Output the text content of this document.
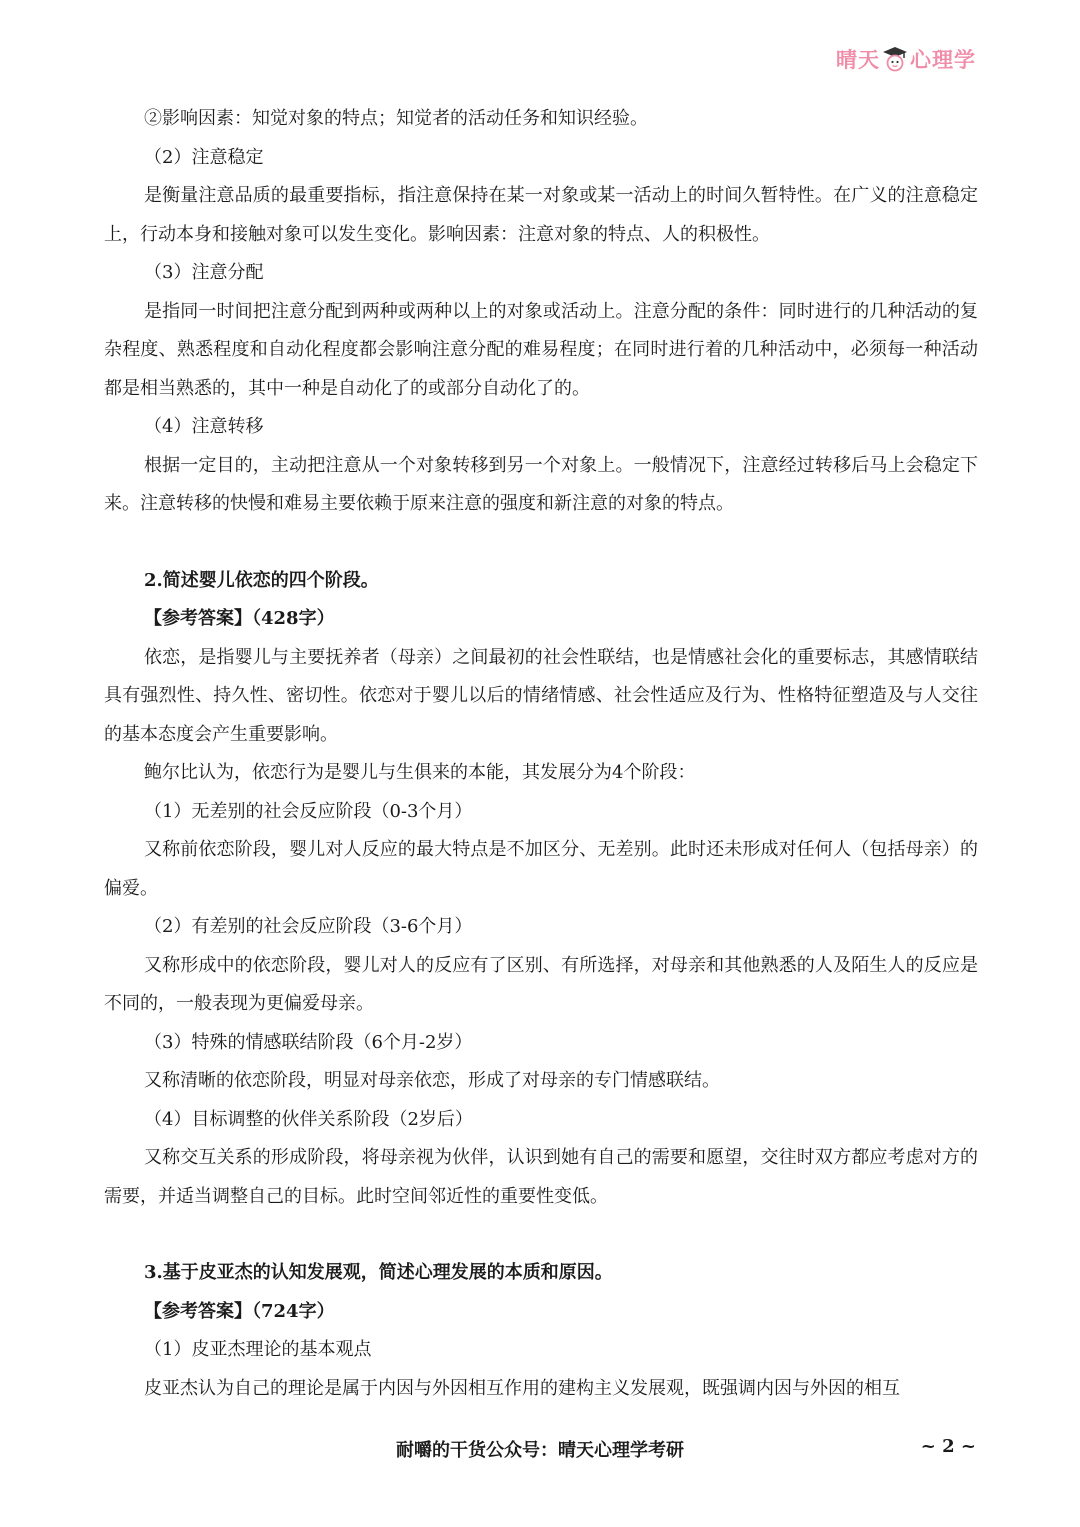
晴天 心理学

②影响因素：知觉对象的特点；知觉者的活动任务和知识经验。

（2）注意稳定

是衡量注意品质的最重要指标，指注意保持在某一对象或某一活动上的时间久暂特性。在广义的注意稳定上，行动本身和接触对象可以发生变化。影响因素：注意对象的特点、人的积极性。

（3）注意分配

是指同一时间把注意分配到两种或两种以上的对象或活动上。注意分配的条件：同时进行的几种活动的复杂程度、熟悉程度和自动化程度都会影响注意分配的难易程度；在同时进行着的几种活动中，必须每一种活动都是相当熟悉的，其中一种是自动化了的或部分自动化了的。

（4）注意转移

根据一定目的，主动把注意从一个对象转移到另一个对象上。一般情况下，注意经过转移后马上会稳定下来。注意转移的快慢和难易主要依赖于原来注意的强度和新注意的对象的特点。

2.简述婴儿依恋的四个阶段。

【参考答案】（428字）

依恋，是指婴儿与主要抚养者（母亲）之间最初的社会性联结，也是情感社会化的重要标志，其感情联结具有强烈性、持久性、密切性。依恋对于婴儿以后的情绪情感、社会性适应及行为、性格特征塑造及与人交往的基本态度会产生重要影响。

鲍尔比认为，依恋行为是婴儿与生俱来的本能，其发展分为4个阶段：

（1）无差别的社会反应阶段（0-3个月）

又称前依恋阶段，婴儿对人反应的最大特点是不加区分、无差别。此时还未形成对任何人（包括母亲）的偏爱。

（2）有差别的社会反应阶段（3-6个月）

又称形成中的依恋阶段，婴儿对人的反应有了区别、有所选择，对母亲和其他熟悉的人及陌生人的反应是不同的，一般表现为更偏爱母亲。

（3）特殊的情感联结阶段（6个月-2岁）

又称清晰的依恋阶段，明显对母亲依恋，形成了对母亲的专门情感联结。

（4）目标调整的伙伴关系阶段（2岁后）

又称交互关系的形成阶段，将母亲视为伙伴，认识到她有自己的需要和愿望，交往时双方都应考虑对方的需要，并适当调整自己的目标。此时空间邻近性的重要性变低。

3.基于皮亚杰的认知发展观，简述心理发展的本质和原因。

【参考答案】（724字）

（1）皮亚杰理论的基本观点

皮亚杰认为自己的理论是属于内因与外因相互作用的建构主义发展观，既强调内因与外因的相互

耐嚼的干货公众号：晴天心理学考研	~ 2 ~
